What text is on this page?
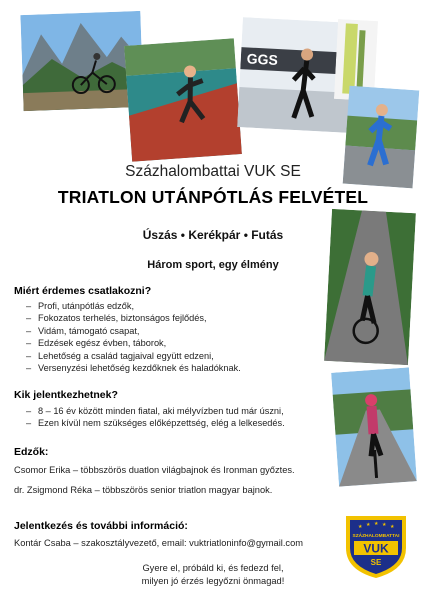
GGS
Százhalombattai VUK SE
TRIATLON UTÁNPÓTLÁS FELVÉTEL
Úszás • Kerékpár • Futás
Három sport, egy élmény
Miért érdemes csatlakozni?
– Profi, utánpótlás edzők,
– Fokozatos terhelés, biztonságos fejlődés,
– Vidám, támogató csapat,
– Edzések egész évben, táborok,
– Lehetőség a család tagjaival együtt edzeni,
– Versenyzési lehetőség kezdőknek és haladóknak.
Kik jelentkezhetnek?
– 8 – 16 év között minden fiatal, aki mélyvízben tud már úszni,
– Ezen kívül nem szükséges előképzettség, elég a lelkesedés.
Edzők:
Csomor Erika – többszörös duatlon világbajnok és Ironman győztes.
dr. Zsigmond Réka – többszörös senior triatlon magyar bajnok.
Jelentkezés és további információ:
Kontár Csaba – szakosztályvezető, email: vuktriatloninfo@gymail.com
Gyere el, próbáld ki, és fedezd fel,
milyen jó érzés legyőzni önmagad!
★ ★ ★ ★ ★
SZÁZHALOMBATTAI
VUK
SE
